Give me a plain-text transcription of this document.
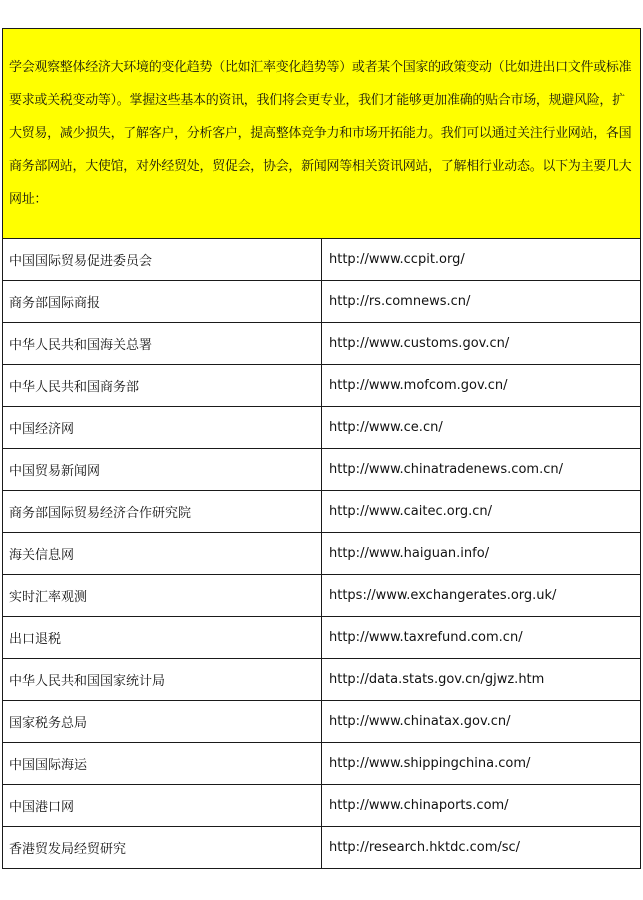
学会观察整体经济大环境的变化趋势（比如汇率变化趋势等）或者某个国家的政策变动（比如进出口文件或标准要求或关税变动等）。掌握这些基本的资讯，我们将会更专业，我们才能够更加准确的贴合市场，规避风险，扩大贸易，减少损失，了解客户，分析客户，提高整体竞争力和市场开拓能力。我们可以通过关注行业网站，各国商务部网站，大使馆，对外经贸处，贸促会，协会，新闻网等相关资讯网站，了解相行业动态。以下为主要几大网址：	

中国国际贸易促进委员会	http://www.ccpit.org/
商务部国际商报	http://rs.comnews.cn/
中华人民共和国海关总署	http://www.customs.gov.cn/
中华人民共和国商务部	http://www.mofcom.gov.cn/
中国经济网	http://www.ce.cn/
中国贸易新闻网	http://www.chinatradenews.com.cn/
商务部国际贸易经济合作研究院	http://www.caitec.org.cn/
海关信息网	http://www.haiguan.info/
实时汇率观测	https://www.exchangerates.org.uk/
出口退税	http://www.taxrefund.com.cn/
中华人民共和国国家统计局	http://data.stats.gov.cn/gjwz.htm
国家税务总局	http://www.chinatax.gov.cn/
中国国际海运	http://www.shippingchina.com/
中国港口网	http://www.chinaports.com/
香港贸发局经贸研究	http://research.hktdc.com/sc/
